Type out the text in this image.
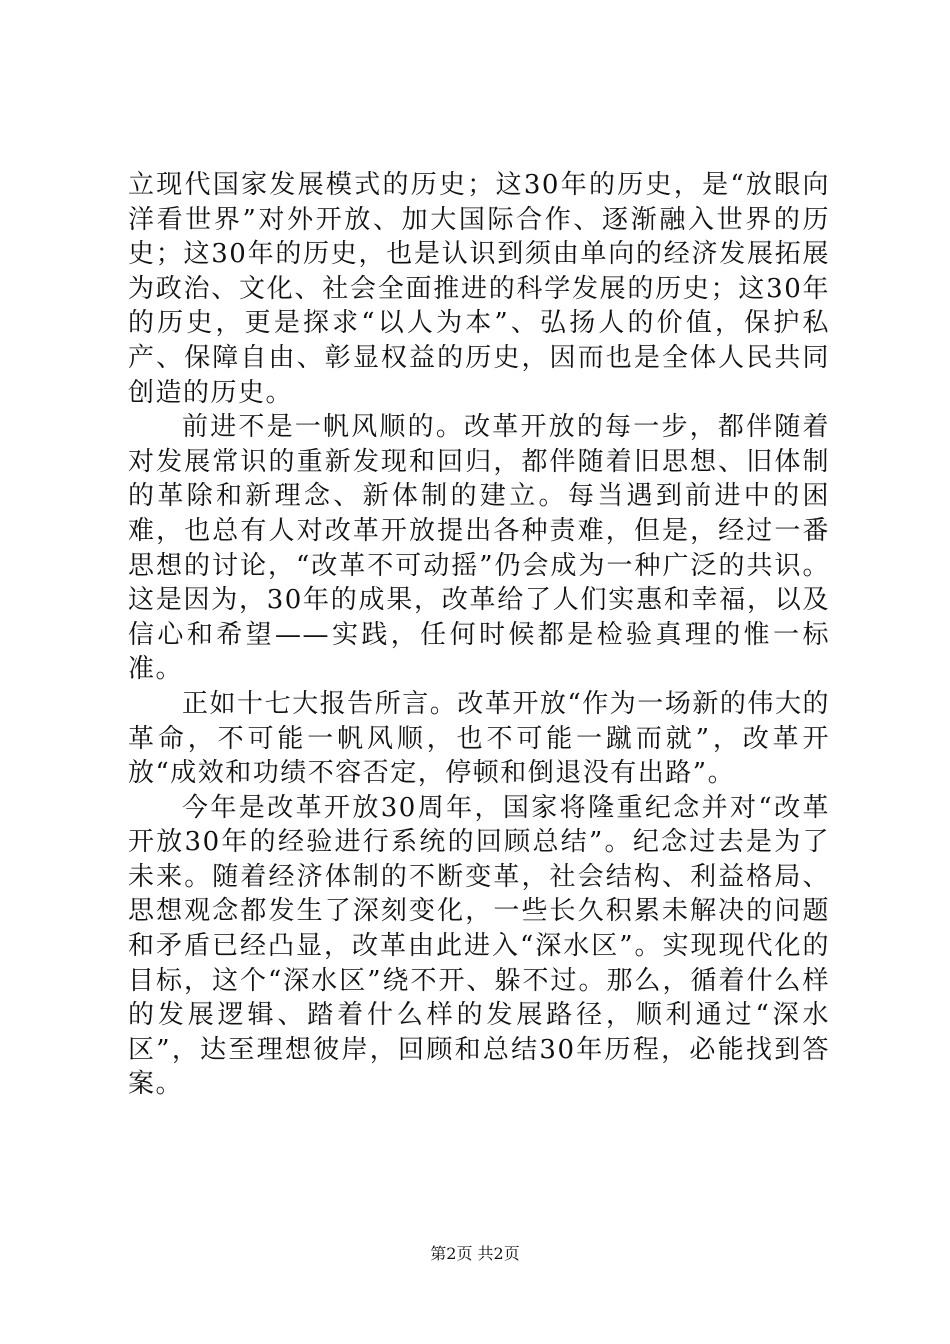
立现代国家发展模式的历史；这30年的历史，是“放眼向洋看世界”对外开放、加大国际合作、逐渐融入世界的历史；这30年的历史，也是认识到须由单向的经济发展拓展为政治、文化、社会全面推进的科学发展的历史；这30年的历史，更是探求“以人为本”、弘扬人的价值，保护私产、保障自由、彰显权益的历史，因而也是全体人民共同创造的历史。

前进不是一帆风顺的。改革开放的每一步，都伴随着对发展常识的重新发现和回归，都伴随着旧思想、旧体制的革除和新理念、新体制的建立。每当遇到前进中的困难，也总有人对改革开放提出各种责难，但是，经过一番思想的讨论，“改革不可动摇”仍会成为一种广泛的共识。这是因为，30年的成果，改革给了人们实惠和幸福，以及信心和希望——实践，任何时候都是检验真理的惟一标准。

正如十七大报告所言。改革开放“作为一场新的伟大的革命，不可能一帆风顺，也不可能一蹴而就”，改革开放“成效和功绩不容否定，停顿和倒退没有出路”。

今年是改革开放30周年，国家将隆重纪念并对“改革开放30年的经验进行系统的回顾总结”。纪念过去是为了未来。随着经济体制的不断变革，社会结构、利益格局、思想观念都发生了深刻变化，一些长久积累未解决的问题和矛盾已经凸显，改革由此进入“深水区”。实现现代化的目标，这个“深水区”绕不开、躲不过。那么，循着什么样的发展逻辑、踏着什么样的发展路径，顺利通过“深水区”，达至理想彼岸，回顾和总结30年历程，必能找到答案。

第2页 共2页
